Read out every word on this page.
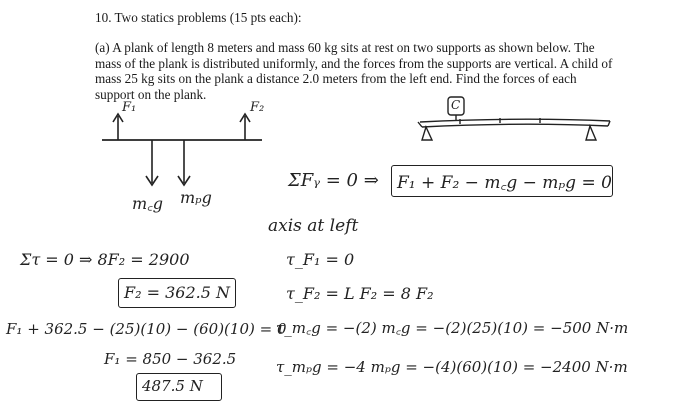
10. Two statics problems (15 pts each):
(a) A plank of length 8 meters and mass 60 kg sits at rest on two supports as shown below. The mass of the plank is distributed uniformly, and the forces from the supports are vertical. A child of mass 25 kg sits on the plank a distance 2.0 meters from the left end. Find the forces of each support on the plank.
C
F₁	F₂
m꜀g mₚg
ΣFᵧ = 0 ⇒ F₁ + F₂ − m꜀g − mₚg = 0
axis at left
τ_F₁ = 0
τ_F₂ = L F₂ = 8 F₂
τ_m꜀g = −(2) m꜀g = −(2)(25)(10) = −500 N·m
τ_mₚg = −4 mₚg = −(4)(60)(10) = −2400 N·m
Στ = 0 ⇒ 8F₂ = 2900
F₂ = 362.5 N
F₁ + 362.5 − (25)(10) − (60)(10) = 0
F₁ = 850 − 362.5
487.5 N
